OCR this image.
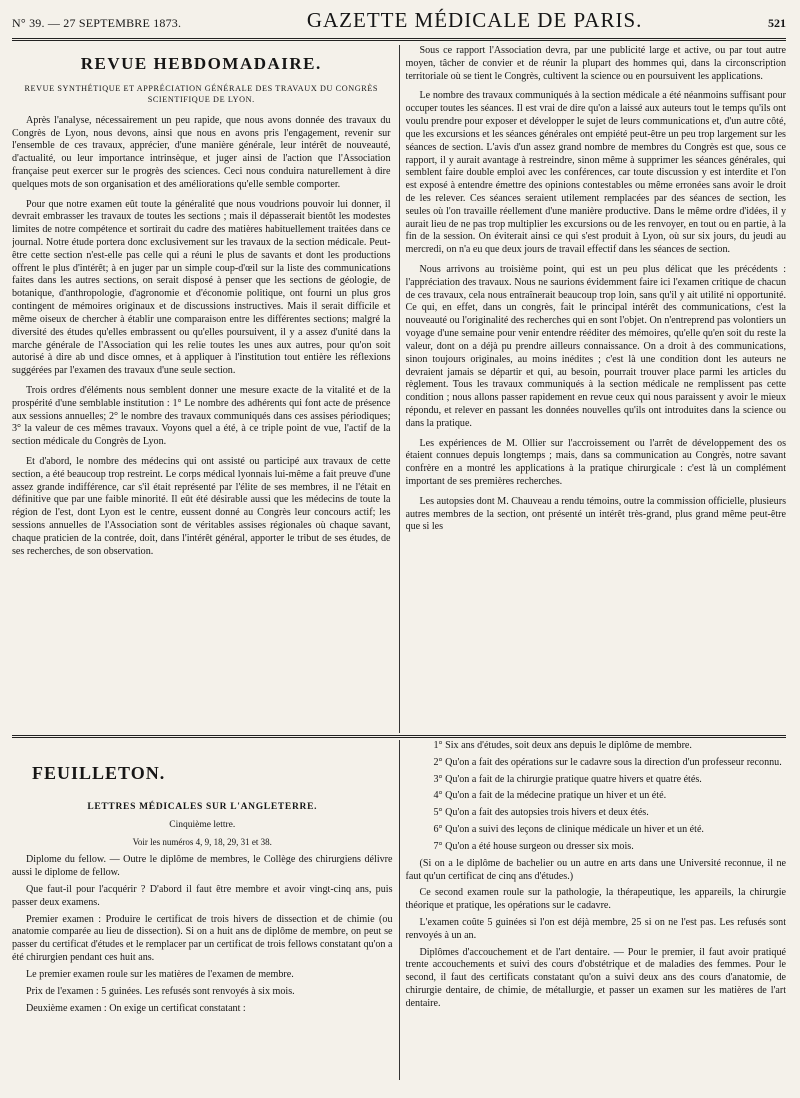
N° 39. — 27 SEPTEMBRE 1873.	GAZETTE MÉDICALE DE PARIS.	521
REVUE HEBDOMADAIRE.
REVUE SYNTHÉTIQUE ET APPRÉCIATION GÉNÉRALE DES TRAVAUX DU CONGRÈS SCIENTIFIQUE DE LYON.

Après l'analyse, nécessairement un peu rapide, que nous avons donnée des travaux du Congrès de Lyon, nous devons, ainsi que nous en avons pris l'engagement, revenir sur l'ensemble de ces travaux, apprécier, d'une manière générale, leur intérêt de nouveauté, d'actualité, ou leur importance intrinsèque, et juger ainsi de l'action que l'Association française peut exercer sur le progrès des sciences. Ceci nous conduira naturellement à dire quelques mots de son organisation et des améliorations qu'elle semble comporter.

Pour que notre examen eût toute la généralité que nous voudrions pouvoir lui donner, il devrait embrasser les travaux de toutes les sections ; mais il dépasserait bientôt les modestes limites de notre compétence et sortirait du cadre des matières habituellement traitées dans ce journal. Notre étude portera donc exclusivement sur les travaux de la section médicale. Peut-être cette section n'est-elle pas celle qui a réuni le plus de savants et dont les productions offrent le plus d'intérêt; à en juger par un simple coup-d'œil sur la liste des communications faites dans les autres sections, on serait disposé à penser que les sections de géologie, de botanique, d'anthropologie, d'agronomie et d'économie politique, ont fourni un plus gros contingent de mémoires originaux et de discussions instructives. Mais il serait difficile et même oiseux de chercher à établir une comparaison entre les différentes sections; malgré la diversité des études qu'elles embrassent ou qu'elles poursuivent, il y a assez d'unité dans la marche générale de l'Association qui les relie toutes les unes aux autres, pour qu'on soit autorisé à dire ab und disce omnes, et à appliquer à l'institution tout entière les réflexions suggérées par l'examen des travaux d'une seule section.

Trois ordres d'éléments nous semblent donner une mesure exacte de la vitalité et de la prospérité d'une semblable institution : 1° Le nombre des adhérents qui font acte de présence aux sessions annuelles; 2° le nombre des travaux communiqués dans ces assises périodiques; 3° la valeur de ces mêmes travaux. Voyons quel a été, à ce triple point de vue, l'actif de la section médicale du Congrès de Lyon.

Et d'abord, le nombre des médecins qui ont assisté ou participé aux travaux de cette section, a été beaucoup trop restreint. Le corps médical lyonnais lui-même a fait preuve d'une assez grande indifférence, car s'il était représenté par l'élite de ses membres, il ne l'était en définitive que par une faible minorité. Il eût été désirable aussi que les médecins de toute la région de l'est, dont Lyon est le centre, eussent donné au Congrès leur concours actif; les sessions annuelles de l'Association sont de véritables assises régionales où chaque savant, chaque praticien de la contrée, doit, dans l'intérêt général, apporter le tribut de ses études, de ses recherches, de son observation.

Sous ce rapport l'Association devra, par une publicité large et active, ou par tout autre moyen, tâcher de convier et de réunir la plupart des hommes qui, dans la circonscription territoriale où se tient le Congrès, cultivent la science ou en poursuivent les applications.

Le nombre des travaux communiqués à la section médicale a été néanmoins suffisant pour occuper toutes les séances. Il est vrai de dire qu'on a laissé aux auteurs tout le temps qu'ils ont voulu prendre pour exposer et développer le sujet de leurs communications et, d'un autre côté, que les excursions et les séances générales ont empiété peut-être un peu trop largement sur les séances de section. L'avis d'un assez grand nombre de membres du Congrès est que, sous ce rapport, il y aurait avantage à restreindre, sinon même à supprimer les séances générales, qui semblent faire double emploi avec les conférences, car toute discussion y est interdite et l'on est exposé à entendre émettre des opinions contestables ou même erronées sans avoir le droit de les relever. Ces séances seraient utilement remplacées par des séances de section, les seules où l'on travaille réellement d'une manière productive. Dans le même ordre d'idées, il y aurait lieu de ne pas trop multiplier les excursions ou de les renvoyer, en tout ou en partie, à la fin de la session. On éviterait ainsi ce qui s'est produit à Lyon, où sur six jours, du jeudi au mercredi, on n'a eu que deux jours de travail effectif dans les séances de section.

Nous arrivons au troisième point, qui est un peu plus délicat que les précédents : l'appréciation des travaux. Nous ne saurions évidemment faire ici l'examen critique de chacun de ces travaux, cela nous entraînerait beaucoup trop loin, sans qu'il y ait utilité ni opportunité. Ce qui, en effet, dans un congrès, fait le principal intérêt des communications, c'est la nouveauté ou l'originalité des recherches qui en sont l'objet. On n'entreprend pas volontiers un voyage d'une semaine pour venir entendre rééditer des mémoires, qu'elle qu'en soit du reste la valeur, dont on a déjà pu prendre ailleurs connaissance. On a droit à des communications, sinon toujours originales, au moins inédites ; c'est là une condition dont les auteurs ne devraient jamais se départir et qui, au besoin, pourrait trouver place parmi les articles du règlement. Tous les travaux communiqués à la section médicale ne remplissent pas cette condition ; nous allons passer rapidement en revue ceux qui nous paraissent y avoir le mieux répondu, et relever en passant les données nouvelles qu'ils ont introduites dans la science ou dans la pratique.

Les expériences de M. Ollier sur l'accroissement ou l'arrêt de développement des os étaient connues depuis longtemps ; mais, dans sa communication au Congrès, notre savant confrère en a montré les applications à la pratique chirurgicale : c'est là un complément important de ses premières recherches.

Les autopsies dont M. Chauveau a rendu témoins, outre la commission officielle, plusieurs autres membres de la section, ont présenté un intérêt très-grand, plus grand même peut-être que si les

FEUILLETON.
LETTRES MÉDICALES SUR L'ANGLETERRE.
Cinquième lettre.
Voir les numéros 4, 9, 18, 29, 31 et 38.

Diplome du fellow. — Outre le diplôme de membres, le Collège des chirurgiens délivre aussi le diplome de fellow.

Que faut-il pour l'acquérir ? D'abord il faut être membre et avoir vingt-cinq ans, puis passer deux examens.

Premier examen : Produire le certificat de trois hivers de dissection et de chimie (ou anatomie comparée au lieu de dissection). Si on a huit ans de diplôme de membre, on peut se passer du certificat d'études et le remplacer par un certificat de trois fellows constatant qu'on a été chirurgien pendant ces huit ans.

Le premier examen roule sur les matières de l'examen de membre.

Prix de l'examen : 5 guinées. Les refusés sont renvoyés à six mois.

Deuxième examen : On exige un certificat constatant :

1° Six ans d'études, soit deux ans depuis le diplôme de membre.

2° Qu'on a fait des opérations sur le cadavre sous la direction d'un professeur reconnu.

3° Qu'on a fait de la chirurgie pratique quatre hivers et quatre étés.

4° Qu'on a fait de la médecine pratique un hiver et un été.

5° Qu'on a fait des autopsies trois hivers et deux étés.

6° Qu'on a suivi des leçons de clinique médicale un hiver et un été.

7° Qu'on a été house surgeon ou dresser six mois.

(Si on a le diplôme de bachelier ou un autre en arts dans une Université reconnue, il ne faut qu'un certificat de cinq ans d'études.)

Ce second examen roule sur la pathologie, la thérapeutique, les appareils, la chirurgie théorique et pratique, les opérations sur le cadavre.

L'examen coûte 5 guinées si l'on est déjà membre, 25 si on ne l'est pas. Les refusés sont renvoyés à un an.

Diplômes d'accouchement et de l'art dentaire. — Pour le premier, il faut avoir pratiqué trente accouchements et suivi des cours d'obstétrique et de maladies des femmes. Pour le second, il faut des certificats constatant qu'on a suivi deux ans des cours d'anatomie, de chirurgie dentaire, de chimie, de métallurgie, et passer un examen sur les matières de l'art dentaire.
